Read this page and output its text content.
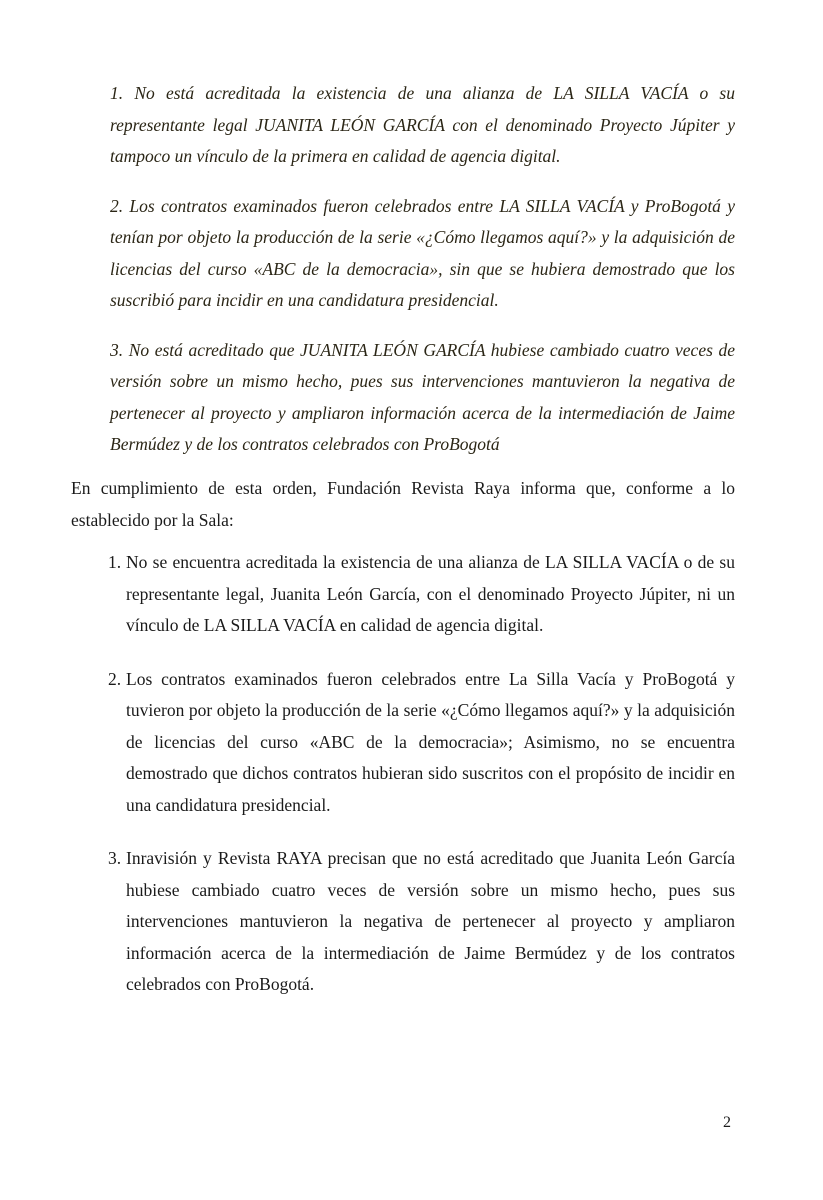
1. No está acreditada la existencia de una alianza de LA SILLA VACÍA o su representante legal JUANITA LEÓN GARCÍA con el denominado Proyecto Júpiter y tampoco un vínculo de la primera en calidad de agencia digital.

2. Los contratos examinados fueron celebrados entre LA SILLA VACÍA y ProBogotá y tenían por objeto la producción de la serie «¿Cómo llegamos aquí?» y la adquisición de licencias del curso «ABC de la democracia», sin que se hubiera demostrado que los suscribió para incidir en una candidatura presidencial.

3. No está acreditado que JUANITA LEÓN GARCÍA hubiese cambiado cuatro veces de versión sobre un mismo hecho, pues sus intervenciones mantuvieron la negativa de pertenecer al proyecto y ampliaron información acerca de la intermediación de Jaime Bermúdez y de los contratos celebrados con ProBogotá

En cumplimiento de esta orden, Fundación Revista Raya informa que, conforme a lo establecido por la Sala:

1. No se encuentra acreditada la existencia de una alianza de LA SILLA VACÍA o de su representante legal, Juanita León García, con el denominado Proyecto Júpiter, ni un vínculo de LA SILLA VACÍA en calidad de agencia digital.
2. Los contratos examinados fueron celebrados entre La Silla Vacía y ProBogotá y tuvieron por objeto la producción de la serie «¿Cómo llegamos aquí?» y la adquisición de licencias del curso «ABC de la democracia»; Asimismo, no se encuentra demostrado que dichos contratos hubieran sido suscritos con el propósito de incidir en una candidatura presidencial.
3. Inravisión y Revista RAYA precisan que no está acreditado que Juanita León García hubiese cambiado cuatro veces de versión sobre un mismo hecho, pues sus intervenciones mantuvieron la negativa de pertenecer al proyecto y ampliaron información acerca de la intermediación de Jaime Bermúdez y de los contratos celebrados con ProBogotá.
2
